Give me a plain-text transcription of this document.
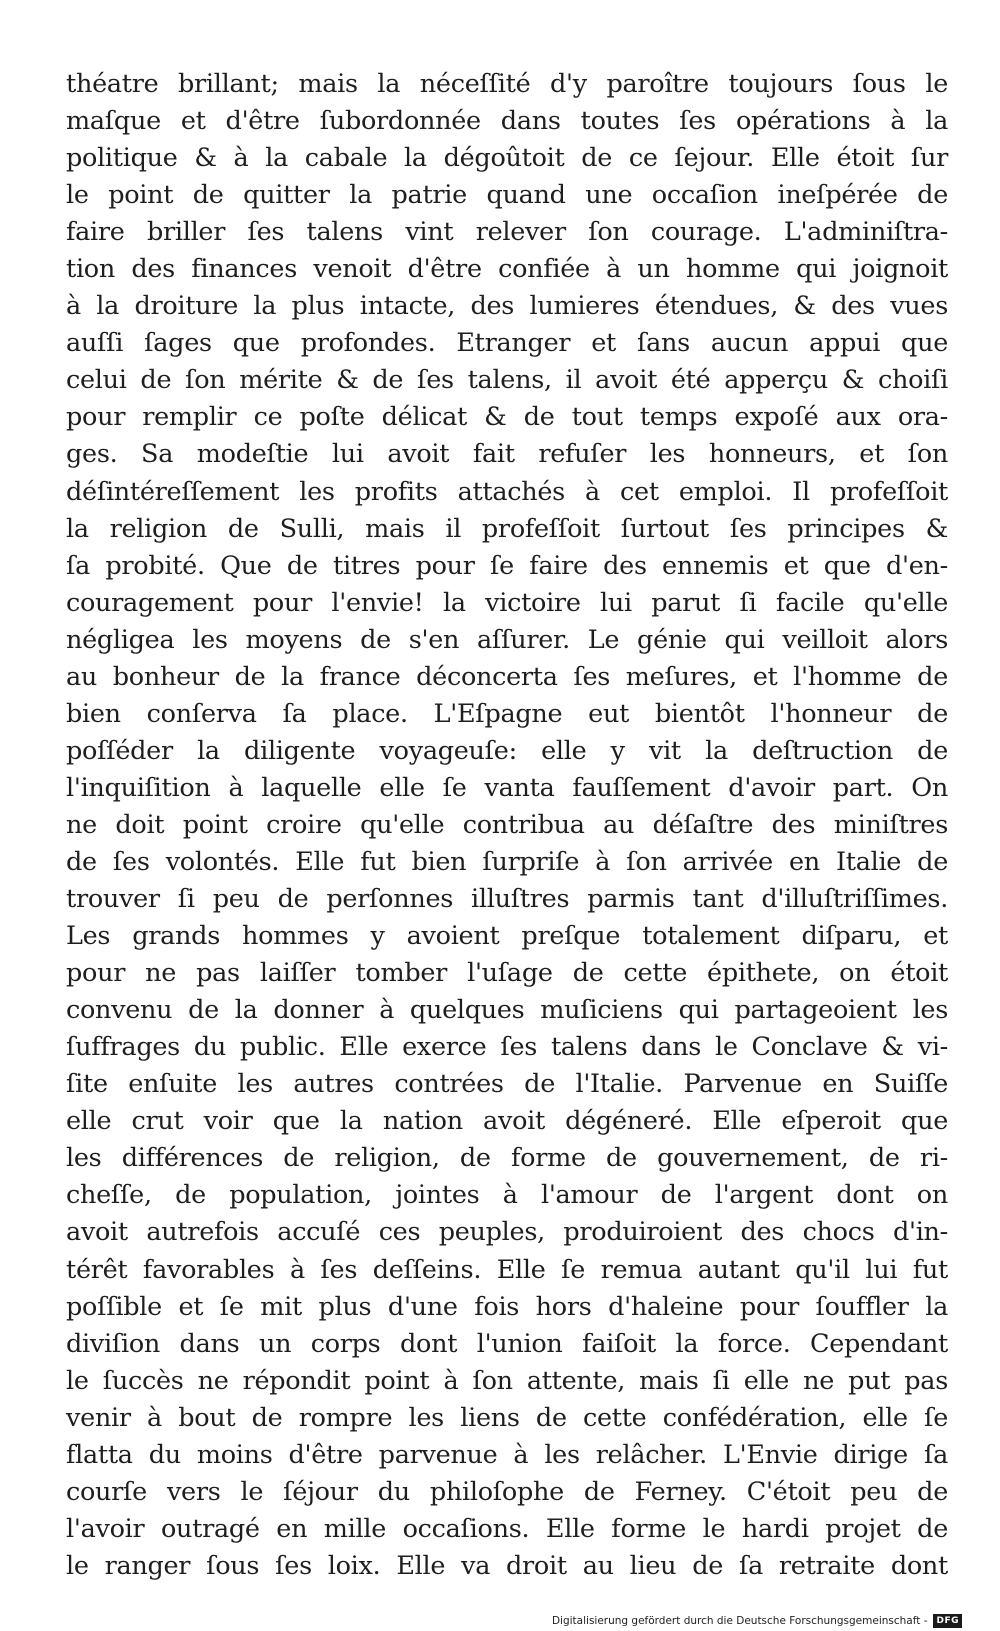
théatre brillant; mais la néceſſité d'y paroître toujours ſous le
maſque et d'être ſubordonnée dans toutes ſes opérations à la
politique & à la cabale la dégoûtoit de ce ſejour. Elle étoit ſur
le point de quitter la patrie quand une occaſion ineſpérée de
faire briller ſes talens vint relever ſon courage. L'adminiſtra-
tion des finances venoit d'être confiée à un homme qui joignoit
à la droiture la plus intacte, des lumieres étendues, & des vues
auſſi ſages que profondes. Etranger et ſans aucun appui que
celui de ſon mérite & de ſes talens, il avoit été apperçu & choiſi
pour remplir ce poſte délicat & de tout temps expoſé aux ora-
ges. Sa modeſtie lui avoit fait refuſer les honneurs, et ſon
déſintéreſſement les profits attachés à cet emploi. Il profeſſoit
la religion de Sulli, mais il profeſſoit ſurtout ſes principes &
ſa probité. Que de titres pour ſe faire des ennemis et que d'en-
couragement pour l'envie! la victoire lui parut ſi facile qu'elle
négligea les moyens de s'en aſſurer. Le génie qui veilloit alors
au bonheur de la france déconcerta ſes meſures, et l'homme de
bien conſerva ſa place. L'Eſpagne eut bientôt l'honneur de
poſſéder la diligente voyageuſe: elle y vit la deſtruction de
l'inquiſition à laquelle elle ſe vanta fauſſement d'avoir part. On
ne doit point croire qu'elle contribua au déſaſtre des miniſtres
de ſes volontés. Elle fut bien ſurpriſe à ſon arrivée en Italie de
trouver ſi peu de perſonnes illuſtres parmis tant d'illuſtriſſimes.
Les grands hommes y avoient preſque totalement diſparu, et
pour ne pas laiſſer tomber l'uſage de cette épithete, on étoit
convenu de la donner à quelques muſiciens qui partageoient les
ſuffrages du public. Elle exerce ſes talens dans le Conclave & vi-
ſite enſuite les autres contrées de l'Italie. Parvenue en Suiſſe
elle crut voir que la nation avoit dégéneré. Elle eſperoit que
les différences de religion, de forme de gouvernement, de ri-
cheſſe, de population, jointes à l'amour de l'argent dont on
avoit autrefois accuſé ces peuples, produiroient des chocs d'in-
térêt favorables à ſes deſſeins. Elle ſe remua autant qu'il lui fut
poſſible et ſe mit plus d'une fois hors d'haleine pour ſouffler la
diviſion dans un corps dont l'union faiſoit la force. Cependant
le ſuccès ne répondit point à ſon attente, mais ſi elle ne put pas
venir à bout de rompre les liens de cette confédération, elle ſe
flatta du moins d'être parvenue à les relâcher. L'Envie dirige ſa
courſe vers le ſéjour du philoſophe de Ferney. C'étoit peu de
l'avoir outragé en mille occaſions. Elle forme le hardi projet de
le ranger ſous ſes loix. Elle va droit au lieu de ſa retraite dont
Digitalisierung gefördert durch die Deutsche Forschungsgemeinschaft -	DFG
